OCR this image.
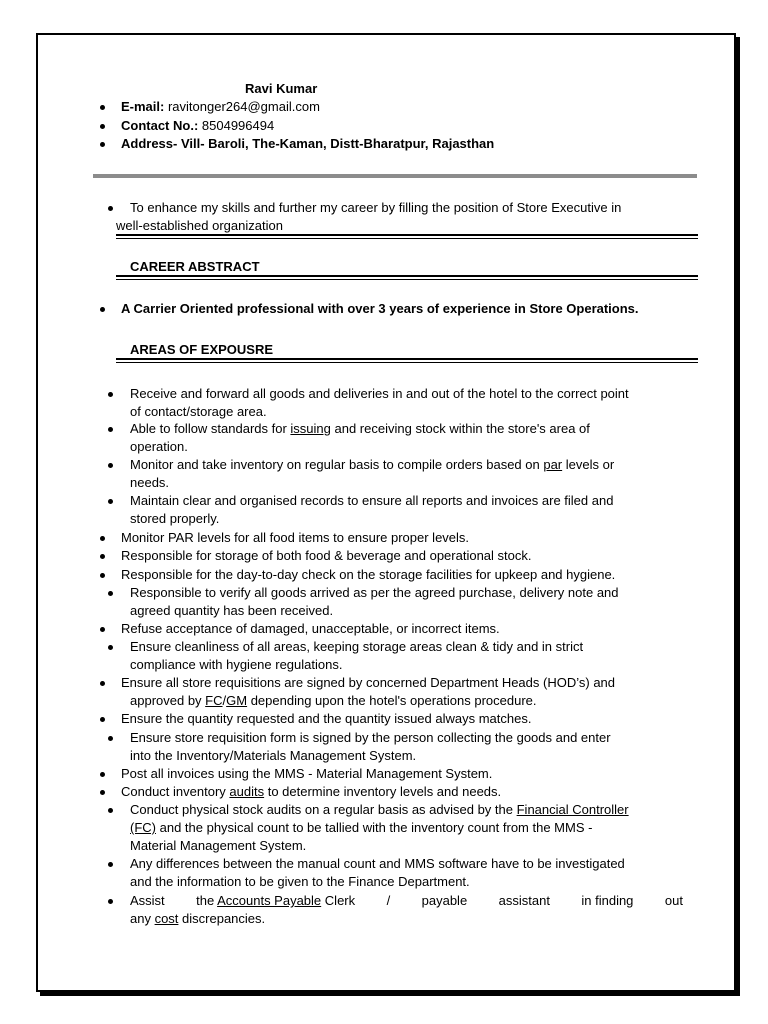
Ravi Kumar
E-mail: ravitonger264@gmail.com
Contact No.: 8504996494
Address- Vill- Baroli, The-Kaman, Distt-Bharatpur, Rajasthan
To enhance my skills and further my career by filling the position of Store Executive in
well-established organization
CAREER ABSTRACT
A Carrier Oriented professional with over 3 years of experience in Store Operations.
AREAS OF EXPOUSRE
Receive and forward all goods and deliveries in and out of the hotel to the correct point
of contact/storage area.
Able to follow standards for issuing and receiving stock within the store's area of
operation.
Monitor and take inventory on regular basis to compile orders based on par levels or
needs.
Maintain clear and organised records to ensure all reports and invoices are filed and
stored properly.
Monitor PAR levels for all food items to ensure proper levels.
Responsible for storage of both food & beverage and operational stock.
Responsible for the day-to-day check on the storage facilities for upkeep and hygiene.
Responsible to verify all goods arrived as per the agreed purchase, delivery note and
agreed quantity has been received.
Refuse acceptance of damaged, unacceptable, or incorrect items.
Ensure cleanliness of all areas, keeping storage areas clean & tidy and in strict
compliance with hygiene regulations.
Ensure all store requisitions are signed by concerned Department Heads (HOD’s) and
approved by FC/GM depending upon the hotel's operations procedure.
Ensure the quantity requested and the quantity issued always matches.
Ensure store requisition form is signed by the person collecting the goods and enter
into the Inventory/Materials Management System.
Post all invoices using the MMS - Material Management System.
Conduct inventory audits to determine inventory levels and needs.
Conduct physical stock audits on a regular basis as advised by the Financial Controller
(FC) and the physical count to be tallied with the inventory count from the MMS -
Material Management System.
Any differences between the manual count and MMS software have to be investigated
and the information to be given to the Finance Department.
Assist the Accounts Payable Clerk / payable assistant in finding out
any cost discrepancies.
